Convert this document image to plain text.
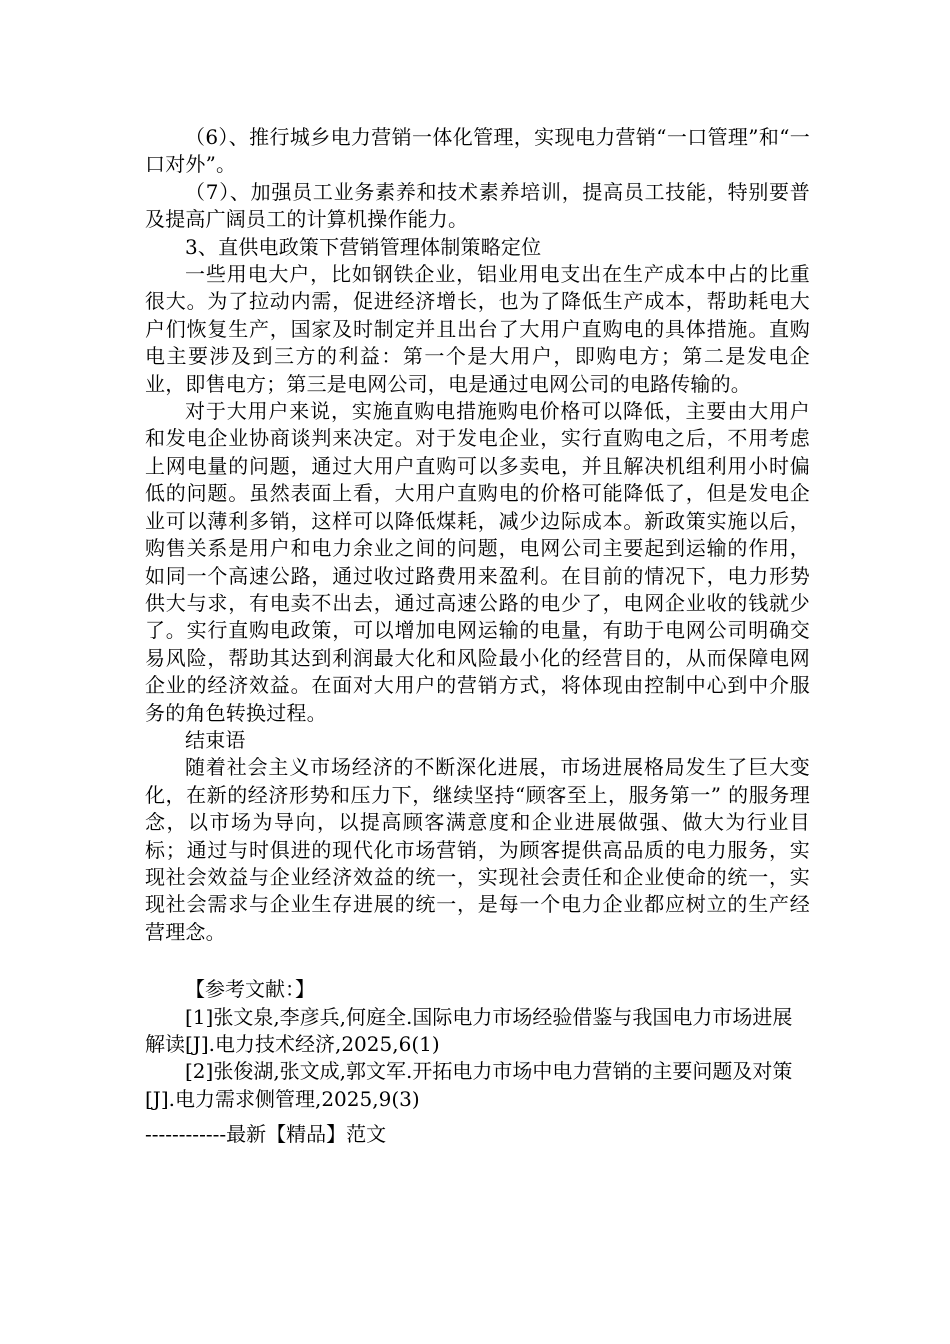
（6）、推行城乡电力营销一体化管理，实现电力营销“一口管理”和“一口对外”。

（7）、加强员工业务素养和技术素养培训，提高员工技能，特别要普及提高广阔员工的计算机操作能力。

3、直供电政策下营销管理体制策略定位

一些用电大户，比如钢铁企业，铝业用电支出在生产成本中占的比重很大。为了拉动内需，促进经济增长，也为了降低生产成本，帮助耗电大户们恢复生产，国家及时制定并且出台了大用户直购电的具体措施。直购电主要涉及到三方的利益：第一个是大用户，即购电方；第二是发电企业，即售电方；第三是电网公司，电是通过电网公司的电路传输的。

对于大用户来说，实施直购电措施购电价格可以降低，主要由大用户和发电企业协商谈判来决定。对于发电企业，实行直购电之后，不用考虑上网电量的问题，通过大用户直购可以多卖电，并且解决机组利用小时偏低的问题。虽然表面上看，大用户直购电的价格可能降低了，但是发电企业可以薄利多销，这样可以降低煤耗，减少边际成本。新政策实施以后，购售关系是用户和电力余业之间的问题，电网公司主要起到运输的作用，如同一个高速公路，通过收过路费用来盈利。在目前的情况下，电力形势供大与求，有电卖不出去，通过高速公路的电少了，电网企业收的钱就少了。实行直购电政策，可以增加电网运输的电量，有助于电网公司明确交易风险，帮助其达到利润最大化和风险最小化的经营目的，从而保障电网企业的经济效益。在面对大用户的营销方式，将体现由控制中心到中介服务的角色转换过程。

结束语

随着社会主义市场经济的不断深化进展，市场进展格局发生了巨大变化，在新的经济形势和压力下，继续坚持“顾客至上，服务第一” 的服务理念，以市场为导向，以提高顾客满意度和企业进展做强、做大为行业目标；通过与时俱进的现代化市场营销，为顾客提供高品质的电力服务，实现社会效益与企业经济效益的统一，实现社会责任和企业使命的统一，实现社会需求与企业生存进展的统一，是每一个电力企业都应树立的生产经营理念。

【参考文献：】

[1]张文泉,李彦兵,何庭全.国际电力市场经验借鉴与我国电力市场进展解读[J].电力技术经济,2025,6(1)

[2]张俊湖,张文成,郭文军.开拓电力市场中电力营销的主要问题及对策[J].电力需求侧管理,2025,9(3)

------------最新【精品】范文
